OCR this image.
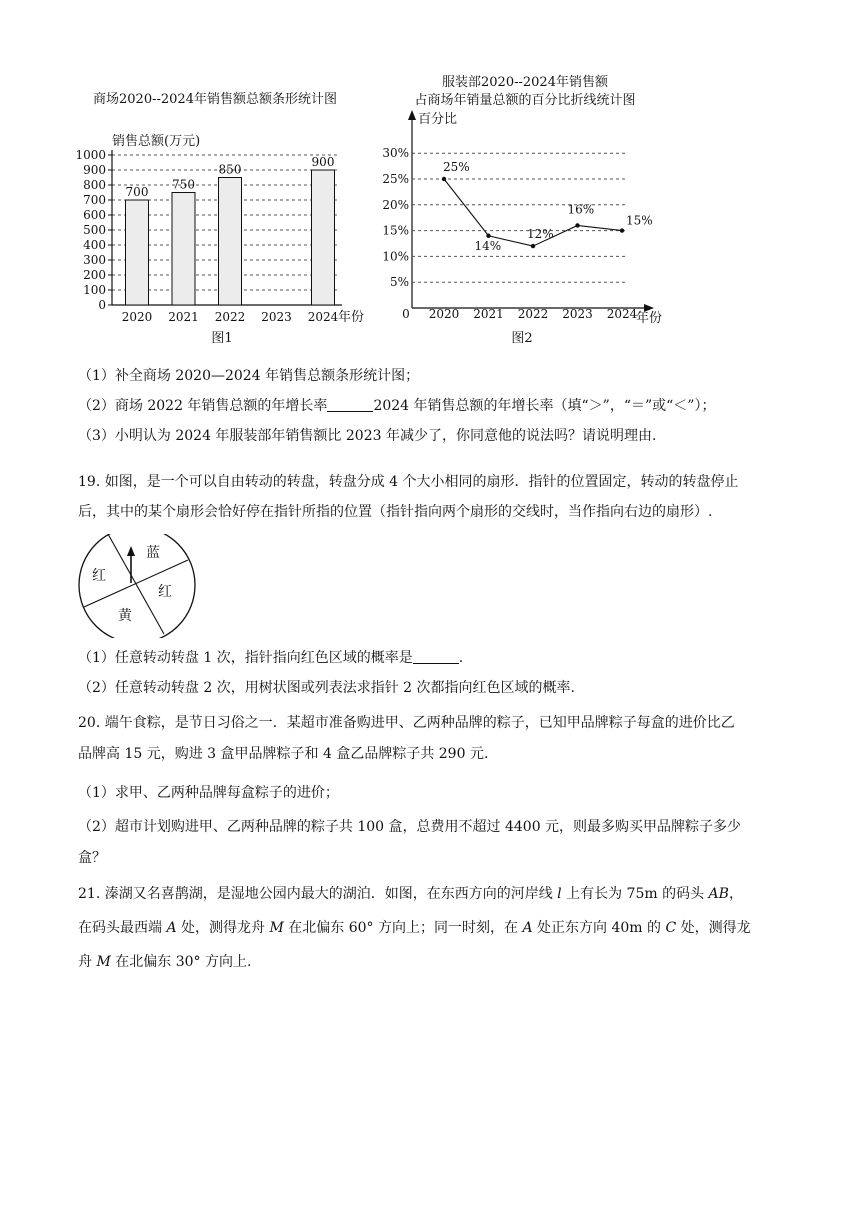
商场2020--2024年销售额总额条形统计图
销售总额(万元)
年份
图1
0
100
200
300
400
500
600
700
800
900
1000
2020
700
2021
750
2022
850
2023 2024
900
服装部2020--2024年销售额
占商场年销量总额的百分比折线统计图
百分比
0	年份
图2
5%
10%
15%
20%
25%
30%
2020 2021 2022 2023 2024
25%
14%
12%
16%
15%
（1）补全商场 2020—2024 年销售总额条形统计图；
（2）商场 2022 年销售总额的年增长率	2024 年销售总额的年增长率（填“＞”，“＝”或“＜”）；
（3）小明认为 2024 年服装部年销售额比 2023 年减少了，你同意他的说法吗？请说明理由.
19. 如图，是一个可以自由转动的转盘，转盘分成 4 个大小相同的扇形．指针的位置固定，转动的转盘停止
后，其中的某个扇形会恰好停在指针所指的位置（指针指向两个扇形的交线时，当作指向右边的扇形）.
蓝
红
红
黄
（1）任意转动转盘 1 次，指针指向红色区域的概率是	.
（2）任意转动转盘 2 次，用树状图或列表法求指针 2 次都指向红色区域的概率.
20. 端午食粽，是节日习俗之一．某超市准备购进甲、乙两种品牌的粽子，已知甲品牌粽子每盒的进价比乙
品牌高 15 元，购进 3 盒甲品牌粽子和 4 盒乙品牌粽子共 290 元.
（1）求甲、乙两种品牌每盒粽子的进价；
（2）超市计划购进甲、乙两种品牌的粽子共 100 盒，总费用不超过 4400 元，则最多购买甲品牌粽子多少
盒？
21. 溱湖又名喜鹊湖，是湿地公园内最大的湖泊．如图，在东西方向的河岸线 l 上有长为 75m 的码头 AB，
在码头最西端 A 处，测得龙舟 M 在北偏东 60° 方向上；同一时刻，在 A 处正东方向 40m 的 C 处，测得龙
舟 M 在北偏东 30° 方向上.
